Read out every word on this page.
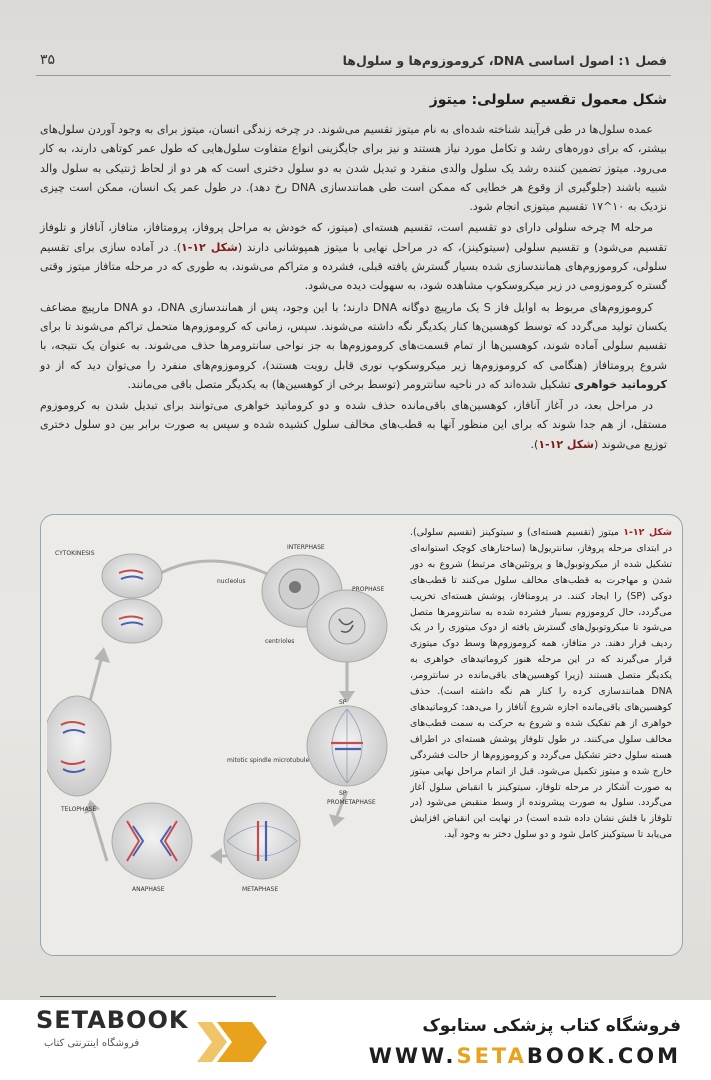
۳۵	فصل ۱: اصول اساسی DNA، کروموزوم‌ها و سلول‌ها
شکل معمول تقسیم سلولی: میتوز

عمده سلول‌ها در طی فرآیند شناخته شده‌ای به نام میتوز تقسیم می‌شوند. در چرخه زندگی انسان، میتوز برای به وجود آوردن سلول‌های بیشتر، که برای دوره‌های رشد و تکامل مورد نیاز هستند و نیز برای جایگزینی انواع متفاوت سلول‌هایی که طول عمر کوتاهی دارند، به کار می‌رود. میتوز تضمین کننده رشد یک سلول والدی منفرد و تبدیل شدن به دو سلول دختری است که هر دو از لحاظ ژنتیکی به سلول والد شبیه باشند (جلوگیری از وقوع هر خطایی که ممکن است طی همانندسازی DNA رخ دهد). در طول عمر یک انسان، ممکن است چیزی نزدیک به ۱۰^۱۷ تقسیم میتوزی انجام شود.

مرحله M چرخه سلولی دارای دو تقسیم است، تقسیم هسته‌ای (میتوز، که خودش به مراحل پروفاز، پرومتافاز، متافاز، آنافاز و تلوفاز تقسیم می‌شود) و تقسیم سلولی (سیتوکینز)، که در مراحل نهایی با میتوز همپوشانی دارند (شکل ۱۲-۱). در آماده سازی برای تقسیم سلولی، کروموزوم‌های همانندسازی شده بسیار گسترش یافته قبلی، فشرده و متراکم می‌شوند، به طوری که در مرحله متافاز میتوز وقتی گستره کروموزومی در زیر میکروسکوپ مشاهده شود، به سهولت دیده می‌شود.

کروموزوم‌های مربوط به اوایل فاز S یک مارپیچ دوگانه DNA دارند؛ با این وجود، پس از همانندسازی DNA، دو DNA مارپیچ مضاعف یکسان تولید می‌گردد که توسط کوهسین‌ها کنار یکدیگر نگه داشته می‌شوند. سپس، زمانی که کروموزوم‌ها متحمل تراکم می‌شوند تا برای تقسیم سلولی آماده شوند، کوهسین‌ها از تمام قسمت‌های کروموزوم‌ها به جز نواحی سانترومرها حذف می‌شوند. به عنوان یک نتیجه، با شروع پرومتافاز (هنگامی که کروموزوم‌ها زیر میکروسکوپ نوری قابل رویت هستند)، کروموزوم‌های منفرد را می‌توان دید که از دو کروماتید خواهری تشکیل شده‌اند که در ناحیه سانترومر (توسط برخی از کوهسین‌ها) به یکدیگر متصل باقی می‌مانند.

در مراحل بعد، در آغاز آنافاز، کوهسین‌های باقی‌مانده حذف شده و دو کروماتید خواهری می‌توانند برای تبدیل شدن به کروموزوم مستقل، از هم جدا شوند که برای این منظور آنها به قطب‌های مخالف سلول کشیده شده و سپس به صورت برابر بین دو سلول دختری توزیع می‌شوند (شکل ۱۲-۱).

INTERPHASE
nucleolus
PROPHASE
centrioles
SP
SP
PROMETAPHASE
mitotic spindle microtubule
METAPHASE
ANAPHASE
TELOPHASE
CYTOKINESIS
شکل ۱۲-۱ میتوز (تقسیم هسته‌ای) و سیتوکینز (تقسیم سلولی). در ابتدای مرحله پروفاز، سانتریول‌ها (ساختارهای کوچک استوانه‌ای تشکیل شده از میکروتوبول‌ها و پروتئین‌های مرتبط) شروع به دور شدن و مهاجرت به قطب‌های مخالف سلول می‌کنند تا قطب‌های دوکی (SP) را ایجاد کنند. در پرومتافاز، پوشش هسته‌ای تخریب می‌گردد، حال کروموزوم بسیار فشرده شده به سانترومرها متصل می‌شود تا میکروتوبول‌های گسترش یافته از دوک میتوزی را در یک ردیف قرار دهند. در متافاز، همه کروموزوم‌ها وسط دوک میتوزی قرار می‌گیرند که در این مرحله هنوز کروماتیدهای خواهری به یکدیگر متصل هستند (زیرا کوهسین‌های باقی‌مانده در سانترومر، DNA همانندسازی کرده را کنار هم نگه داشته است). حذف کوهسین‌های باقی‌مانده اجازه شروع آنافاز را می‌دهد: کروماتیدهای خواهری از هم تفکیک شده و شروع به حرکت به سمت قطب‌های مخالف سلول می‌کنند. در طول تلوفاز پوشش هسته‌ای در اطراف هسته سلول دختر تشکیل می‌گردد و کروموزوم‌ها از حالت فشردگی خارج شده و میتوز تکمیل می‌شود. قبل از اتمام مراحل نهایی میتوز به صورت آشکار در مرحله تلوفاز، سیتوکینز با انقباض سلول آغاز می‌گردد. سلول به صورت پیشرونده از وسط منقبض می‌شود (در تلوفاز با فلش نشان داده شده است) در نهایت این انقباض افزایش می‌یابد تا سیتوکینز کامل شود و دو سلول دختر به وجود آید.
SETABOOK
فروشگاه اینترنتی کتاب
فروشگاه کتاب پزشکی ستابوک
WWW.SETABOOK.COM
